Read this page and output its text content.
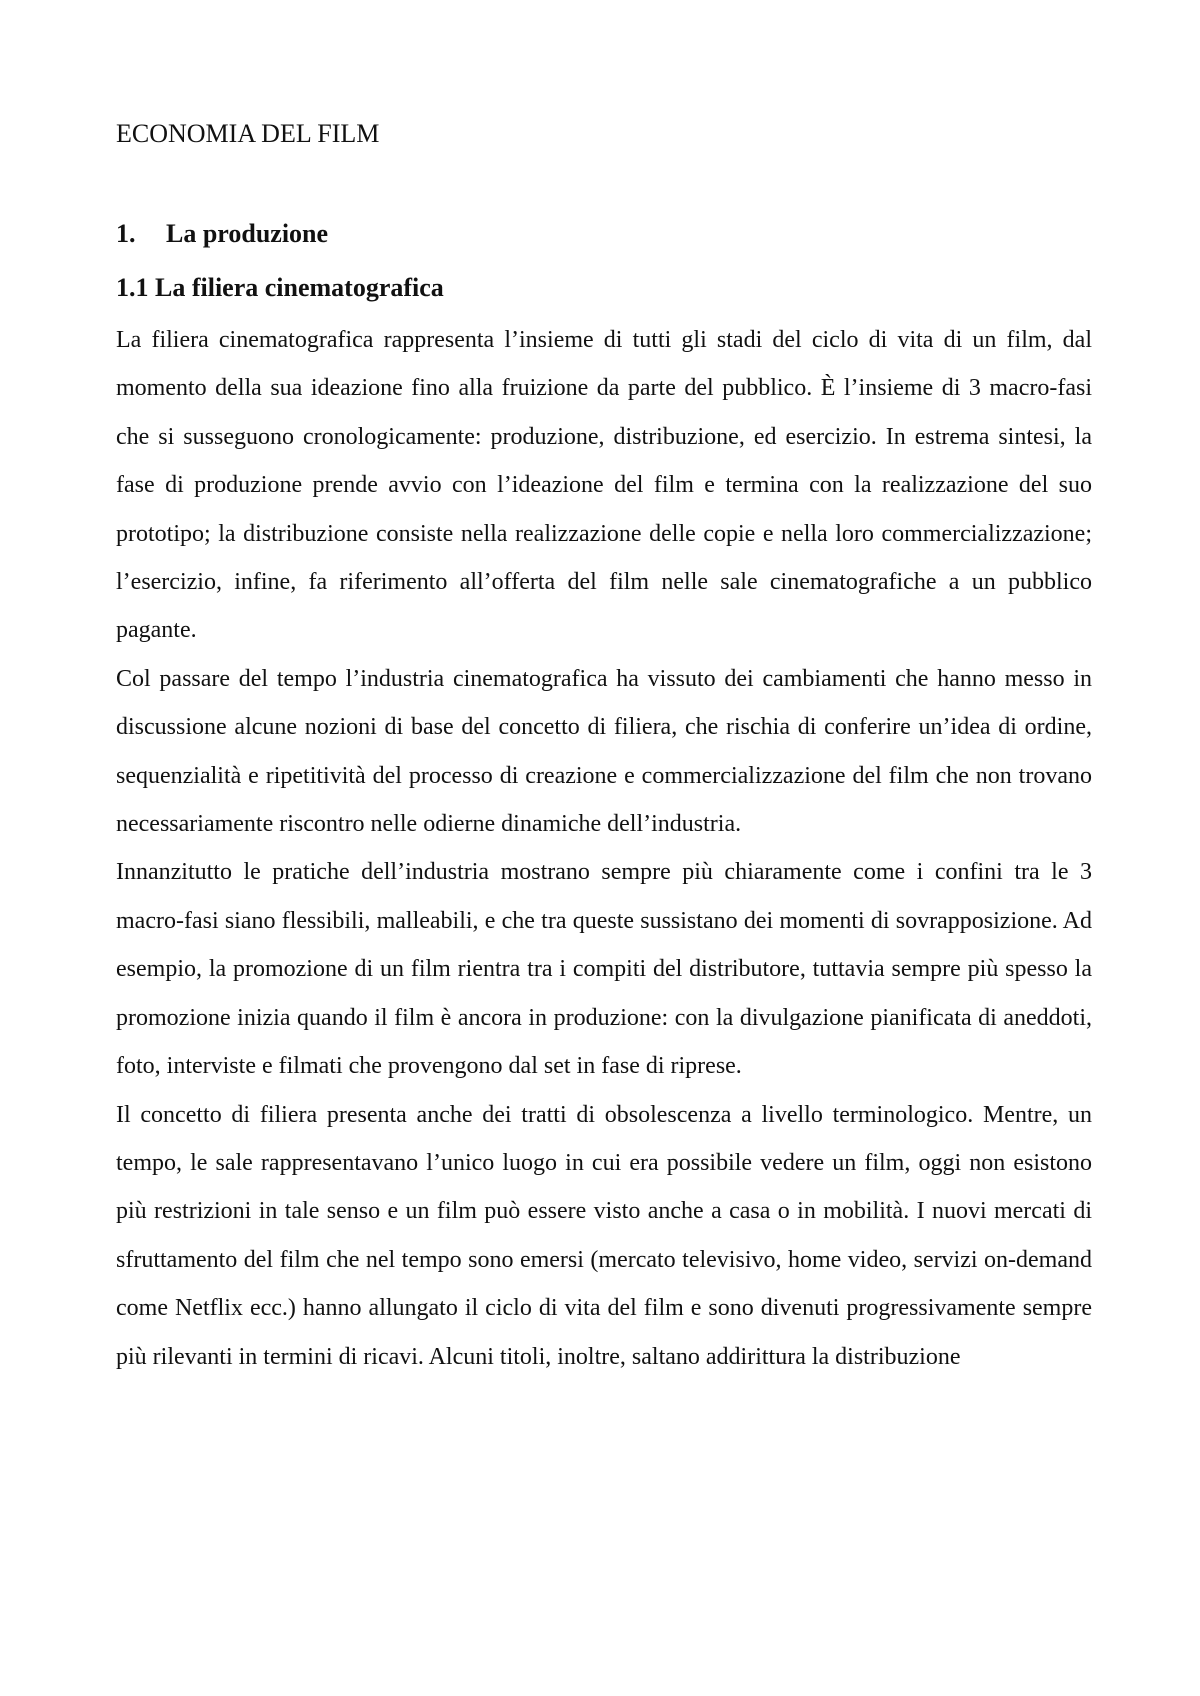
ECONOMIA DEL FILM
1. La produzione
1.1 La filiera cinematografica

La filiera cinematografica rappresenta l’insieme di tutti gli stadi del ciclo di vita di un film, dal momento della sua ideazione fino alla fruizione da parte del pubblico. È l’insieme di 3 macro-fasi che si susseguono cronologicamente: produzione, distribuzione, ed esercizio. In estrema sintesi, la fase di produzione prende avvio con l’ideazione del film e termina con la realizzazione del suo prototipo; la distribuzione consiste nella realizzazione delle copie e nella loro commercializzazione; l’esercizio, infine, fa riferimento all’offerta del film nelle sale cinematografiche a un pubblico pagante.

Col passare del tempo l’industria cinematografica ha vissuto dei cambiamenti che hanno messo in discussione alcune nozioni di base del concetto di filiera, che rischia di conferire un’idea di ordine, sequenzialità e ripetitività del processo di creazione e commercializzazione del film che non trovano necessariamente riscontro nelle odierne dinamiche dell’industria.

Innanzitutto le pratiche dell’industria mostrano sempre più chiaramente come i confini tra le 3 macro-fasi siano flessibili, malleabili, e che tra queste sussistano dei momenti di sovrapposizione. Ad esempio, la promozione di un film rientra tra i compiti del distributore, tuttavia sempre più spesso la promozione inizia quando il film è ancora in produzione: con la divulgazione pianificata di aneddoti, foto, interviste e filmati che provengono dal set in fase di riprese.

Il concetto di filiera presenta anche dei tratti di obsolescenza a livello terminologico. Mentre, un tempo, le sale rappresentavano l’unico luogo in cui era possibile vedere un film, oggi non esistono più restrizioni in tale senso e un film può essere visto anche a casa o in mobilità. I nuovi mercati di sfruttamento del film che nel tempo sono emersi (mercato televisivo, home video, servizi on-demand come Netflix ecc.) hanno allungato il ciclo di vita del film e sono divenuti progressivamente sempre più rilevanti in termini di ricavi. Alcuni titoli, inoltre, saltano addirittura la distribuzione
